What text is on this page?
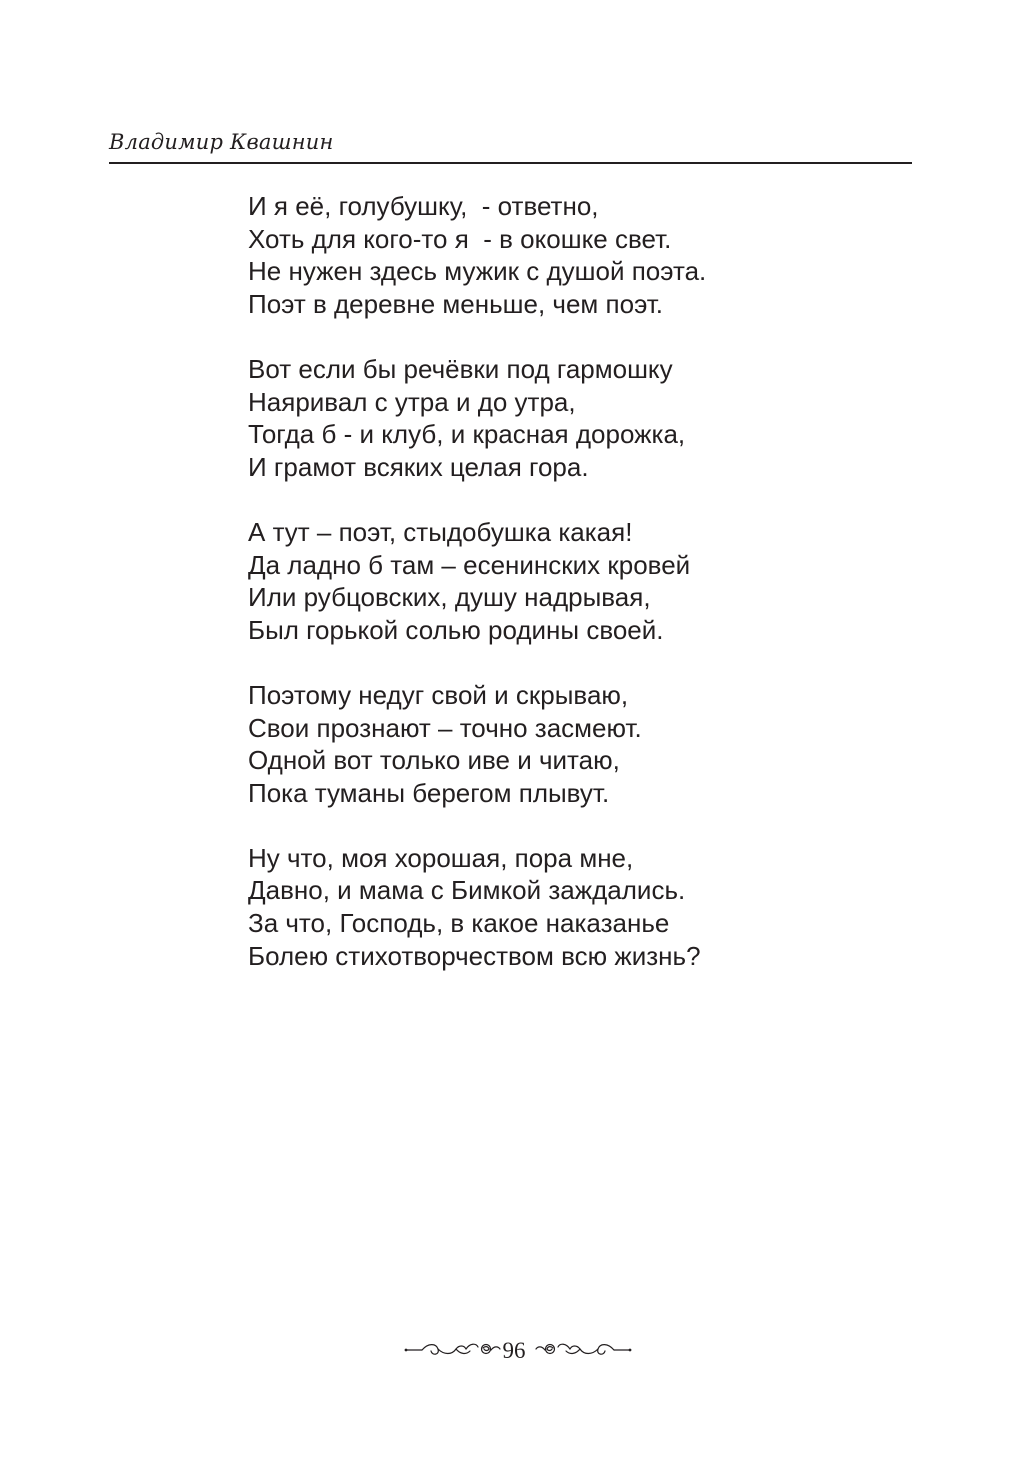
Владимир Квашнин
И я её, голубушку,  - ответно,
Хоть для кого-то я  - в окошке свет.
Не нужен здесь мужик с душой поэта.
Поэт в деревне меньше, чем поэт.
Вот если бы речёвки под гармошку
Наяривал с утра и до утра,
Тогда б - и клуб, и красная дорожка,
И грамот всяких целая гора.
А тут – поэт, стыдобушка какая!
Да ладно б там – есенинских кровей
Или рубцовских, душу надрывая,
Был горькой солью родины своей.
Поэтому недуг свой и скрываю,
Свои прознают – точно засмеют.
Одной вот только иве и читаю,
Пока туманы берегом плывут.
Ну что, моя хорошая, пора мне,
Давно, и мама с Бимкой заждались.
За что, Господь, в какое наказанье
Болею стихотворчеством всю жизнь?
96
